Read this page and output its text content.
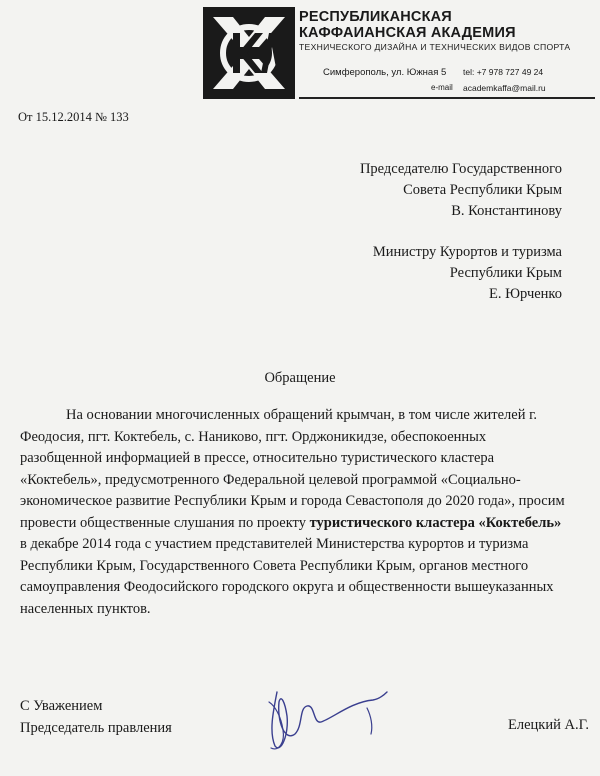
РЕСПУБЛИКАНСКАЯ
КАФФАИАНСКАЯ АКАДЕМИЯ
ТЕХНИЧЕСКОГО ДИЗАЙНА И ТЕХНИЧЕСКИХ ВИДОВ СПОРТА
Симферополь, ул. Южная 5 tel: +7 978 727 49 24
e-mail academkaffa@mail.ru
От 15.12.2014 № 133
Председателю Государственного
Совета Республики Крым
В. Константинову
Министру Курортов и туризма
Республики Крым
Е. Юрченко
Обращение

На основании многочисленных обращений крымчан, в том числе жителей г. Феодосия, пгт. Коктебель, с. Наниково, пгт. Орджоникидзе, обеспокоенных разобщенной информацией в прессе, относительно туристического кластера «Коктебель», предусмотренного Федеральной целевой программой «Социально-экономическое развитие Республики Крым и города Севастополя до 2020 года», просим провести общественные слушания по проекту туристического кластера «Коктебель» в декабре 2014 года с участием представителей Министерства курортов и туризма Республики Крым, Государственного Совета Республики Крым, органов местного самоуправления Феодосийского городского округа и общественности вышеуказанных населенных пунктов.

С Уважением
Председатель правления	Елецкий А.Г.
